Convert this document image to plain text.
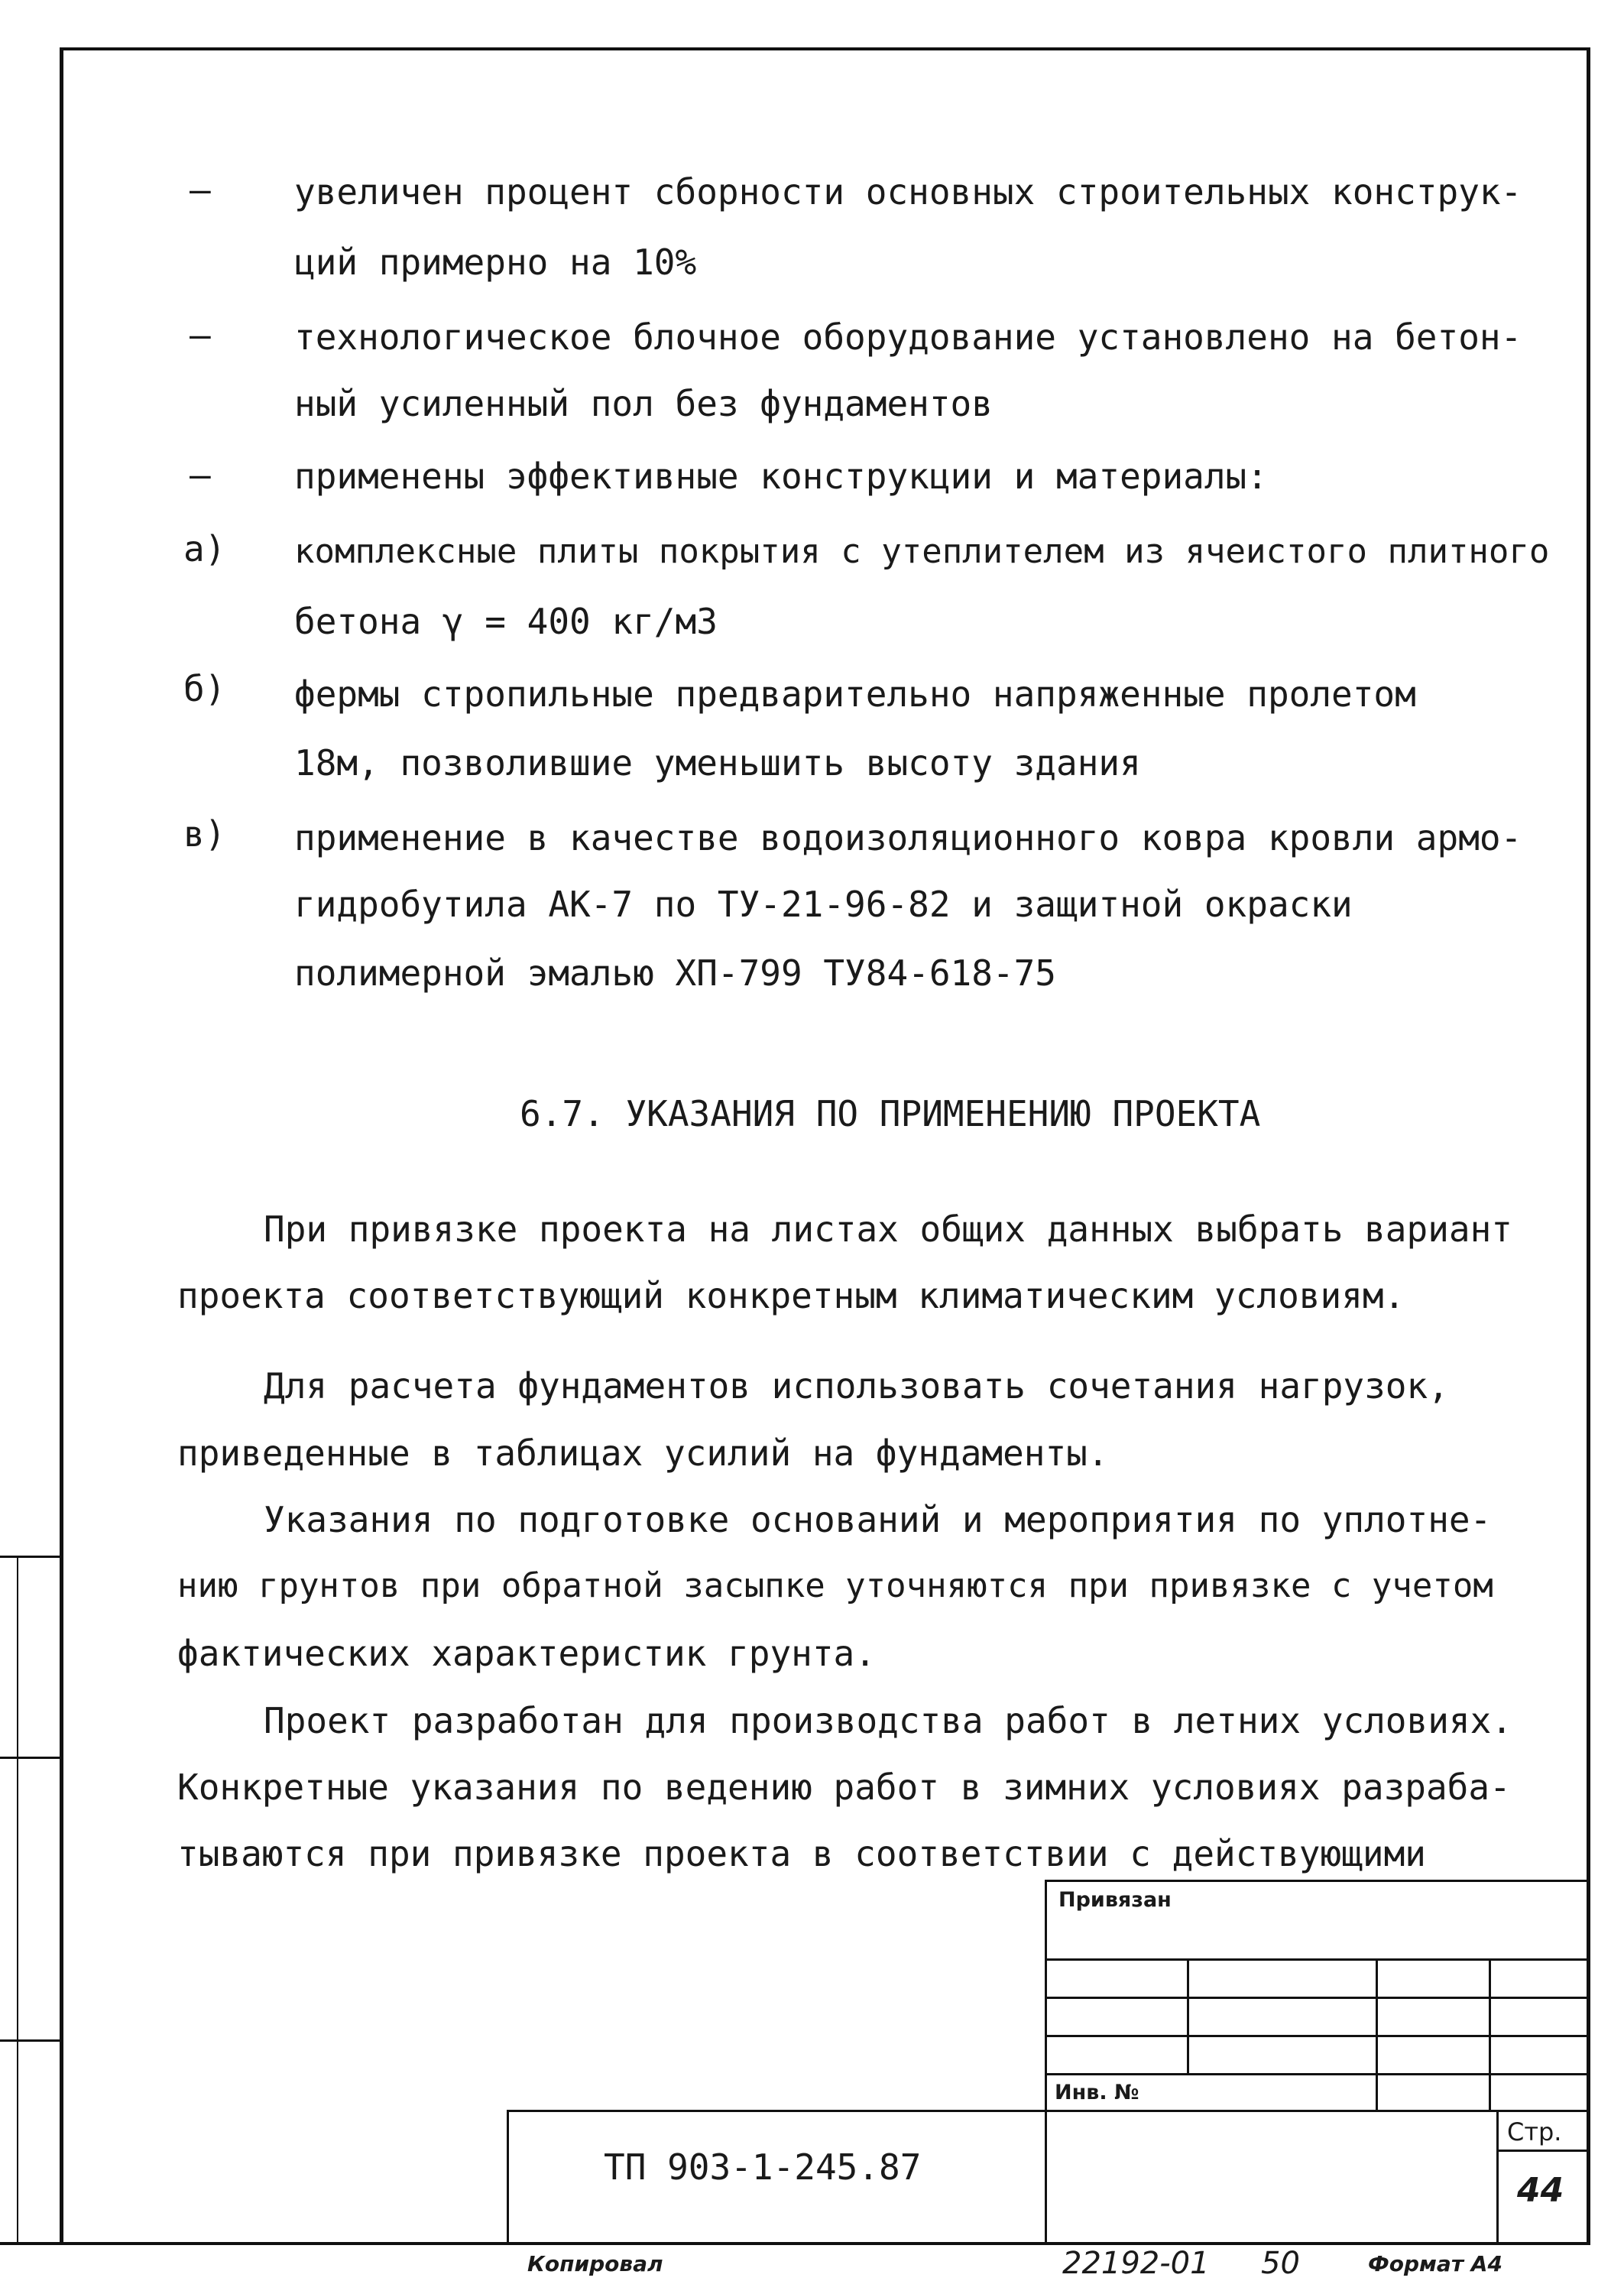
– увеличен процент сборности основных строительных конструк-
ций примерно на 10%
– технологическое блочное оборудование установлено на бетон-
ный усиленный пол без фундаментов
– применены эффективные конструкции и материалы:
а) комплексные плиты покрытия с утеплителем из ячеистого плитного
бетона γ = 400 кг/м3
б) фермы стропильные предварительно напряженные пролетом
18м, позволившие уменьшить высоту здания
в) применение в качестве водоизоляционного ковра кровли армо-
гидробутила АК-7 по ТУ-21-96-82 и защитной окраски
полимерной эмалью ХП-799 ТУ84-618-75
6.7. УКАЗАНИЯ ПО ПРИМЕНЕНИЮ ПРОЕКТА
При привязке проекта на листах общих данных выбрать вариант
проекта соответствующий конкретным климатическим условиям.
Для расчета фундаментов использовать сочетания нагрузок,
приведенные в таблицах усилий на фундаменты.
Указания по подготовке оснований и мероприятия по уплотне-
нию грунтов при обратной засыпке уточняются при привязке с учетом
фактических характеристик грунта.
Проект разработан для производства работ в летних условиях.
Конкретные указания по ведению работ в зимних условиях разраба-
тываются при привязке проекта в соответствии с действующими
Привязан
Инв. №
ТП 903-1-245.87
Стр.
44
Копировал	22192-01 50	Формат А4
